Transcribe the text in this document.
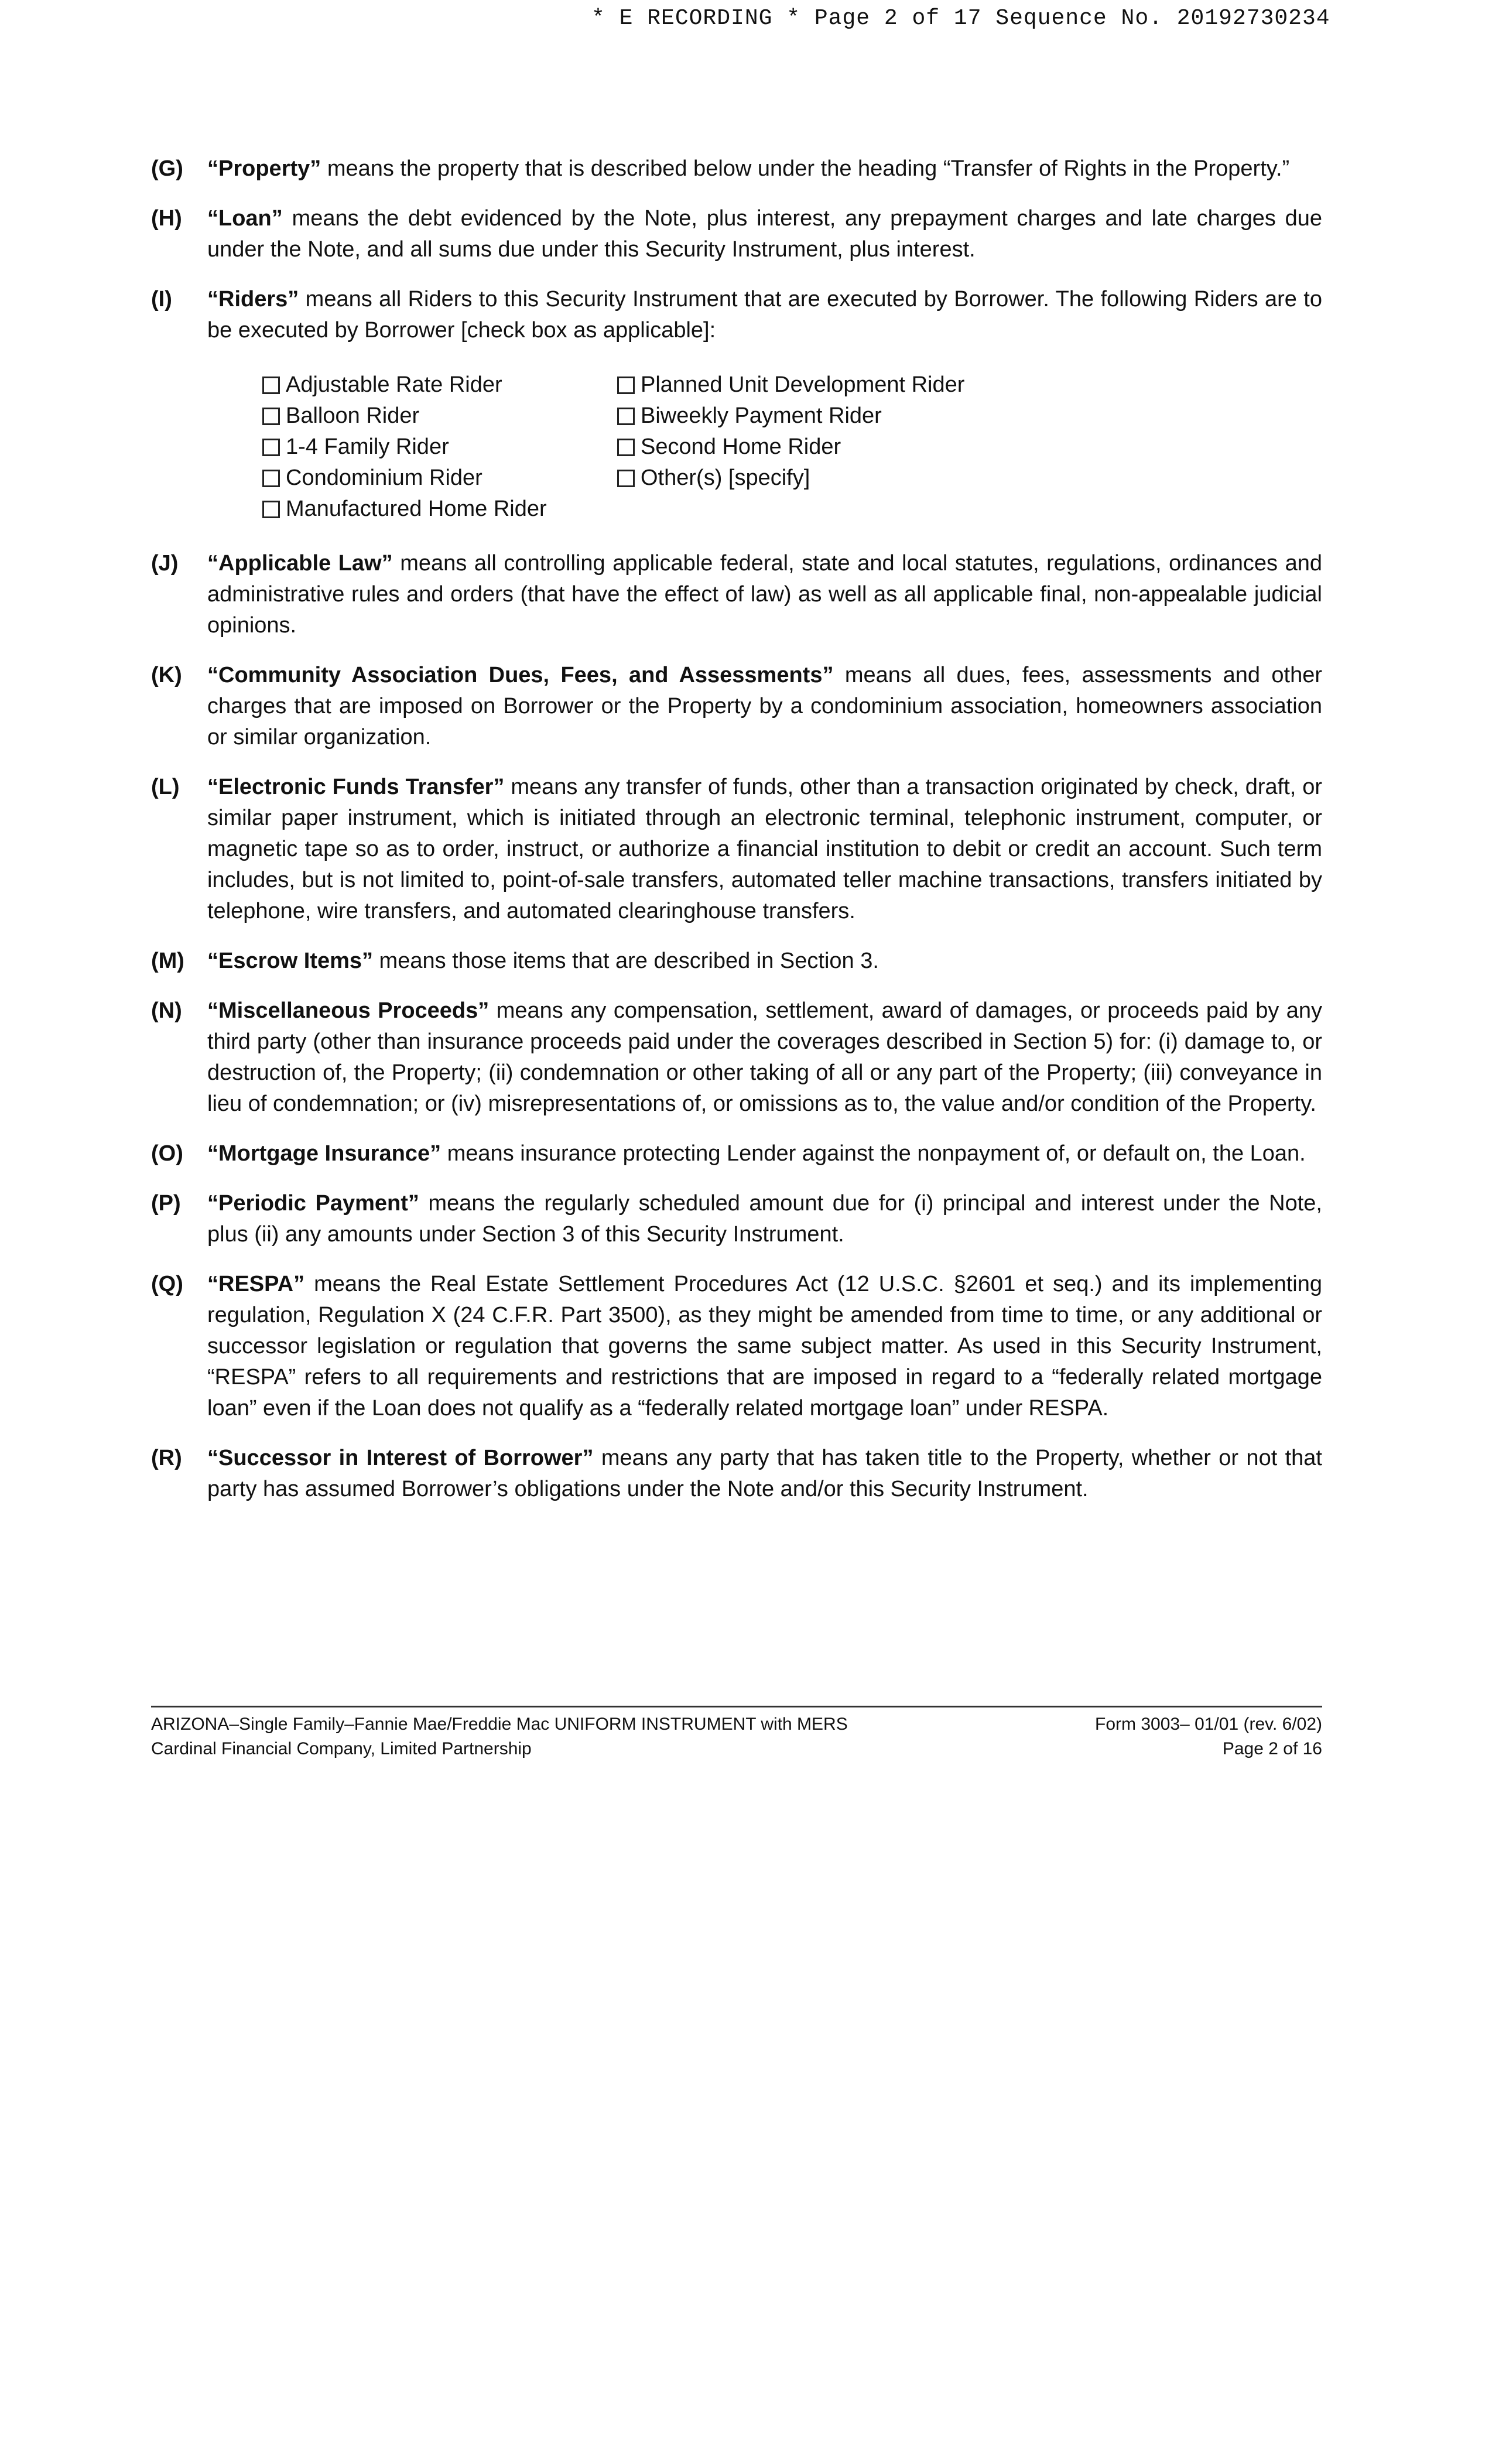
* E RECORDING * Page 2 of 17 Sequence No. 20192730234
(G) “Property” means the property that is described below under the heading “Transfer of Rights in the Property.”
(H) “Loan” means the debt evidenced by the Note, plus interest, any prepayment charges and late charges due under the Note, and all sums due under this Security Instrument, plus interest.
(I) “Riders” means all Riders to this Security Instrument that are executed by Borrower. The following Riders are to be executed by Borrower [check box as applicable]:
Adjustable Rate Rider	Planned Unit Development Rider
Balloon Rider	Biweekly Payment Rider
1-4 Family Rider	Second Home Rider
Condominium Rider	Other(s) [specify]
Manufactured Home Rider
(J) “Applicable Law” means all controlling applicable federal, state and local statutes, regulations, ordinances and administrative rules and orders (that have the effect of law) as well as all applicable final, non-appealable judicial opinions.
(K) “Community Association Dues, Fees, and Assessments” means all dues, fees, assessments and other charges that are imposed on Borrower or the Property by a condominium association, homeowners association or similar organization.
(L) “Electronic Funds Transfer” means any transfer of funds, other than a transaction originated by check, draft, or similar paper instrument, which is initiated through an electronic terminal, telephonic instrument, computer, or magnetic tape so as to order, instruct, or authorize a financial institution to debit or credit an account. Such term includes, but is not limited to, point-of-sale transfers, automated teller machine transactions, transfers initiated by telephone, wire transfers, and automated clearinghouse transfers.
(M) “Escrow Items” means those items that are described in Section 3.
(N) “Miscellaneous Proceeds” means any compensation, settlement, award of damages, or proceeds paid by any third party (other than insurance proceeds paid under the coverages described in Section 5) for: (i) damage to, or destruction of, the Property; (ii) condemnation or other taking of all or any part of the Property; (iii) conveyance in lieu of condemnation; or (iv) misrepresentations of, or omissions as to, the value and/or condition of the Property.
(O) “Mortgage Insurance” means insurance protecting Lender against the nonpayment of, or default on, the Loan.
(P) “Periodic Payment” means the regularly scheduled amount due for (i) principal and interest under the Note, plus (ii) any amounts under Section 3 of this Security Instrument.
(Q) “RESPA” means the Real Estate Settlement Procedures Act (12 U.S.C. §2601 et seq.) and its implementing regulation, Regulation X (24 C.F.R. Part 3500), as they might be amended from time to time, or any additional or successor legislation or regulation that governs the same subject matter. As used in this Security Instrument, “RESPA” refers to all requirements and restrictions that are imposed in regard to a “federally related mortgage loan” even if the Loan does not qualify as a “federally related mortgage loan” under RESPA.
(R) “Successor in Interest of Borrower” means any party that has taken title to the Property, whether or not that party has assumed Borrower’s obligations under the Note and/or this Security Instrument.
ARIZONA–Single Family–Fannie Mae/Freddie Mac UNIFORM INSTRUMENT with MERS	Form 3003– 01/01 (rev. 6/02)
Cardinal Financial Company, Limited Partnership	Page 2 of 16
